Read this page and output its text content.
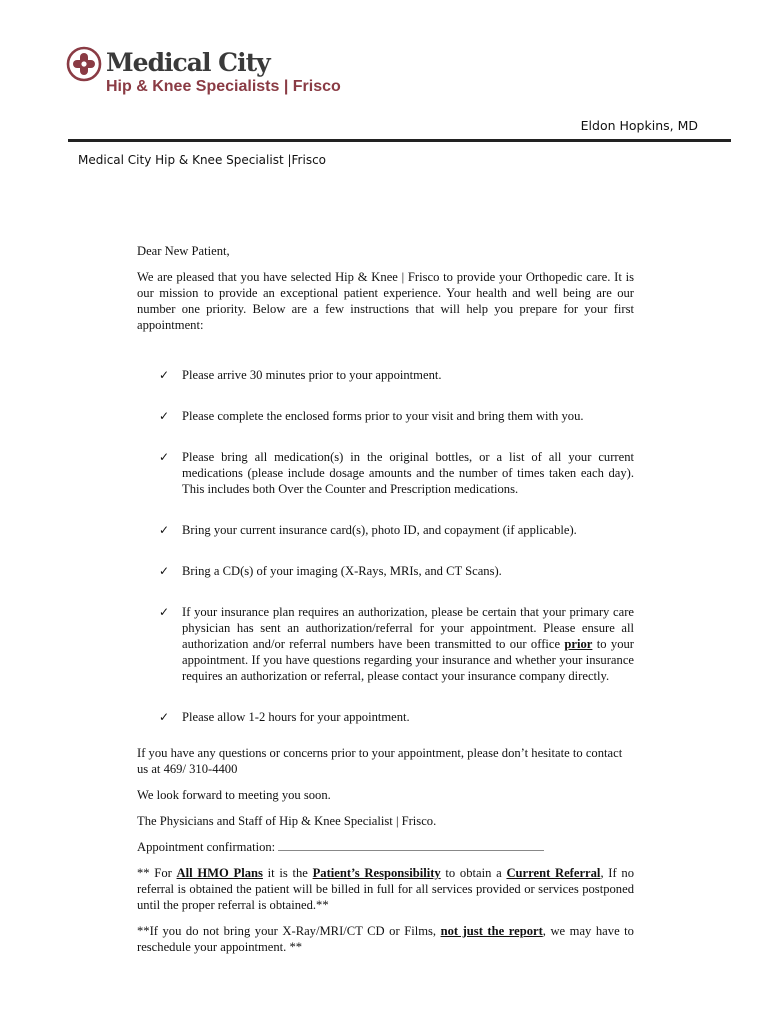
Medical City
Hip & Knee Specialists | Frisco
Eldon Hopkins, MD
Medical City Hip & Knee Specialist |Frisco

Dear New Patient,

We are pleased that you have selected Hip & Knee | Frisco to provide your Orthopedic care. It is our mission to provide an exceptional patient experience. Your health and well being are our number one priority. Below are a few instructions that will help you prepare for your first appointment:

✓ Please arrive 30 minutes prior to your appointment.
✓ Please complete the enclosed forms prior to your visit and bring them with you.
✓ Please bring all medication(s) in the original bottles, or a list of all your current medications (please include dosage amounts and the number of times taken each day). This includes both Over the Counter and Prescription medications.
✓ Bring your current insurance card(s), photo ID, and copayment (if applicable).
✓ Bring a CD(s) of your imaging (X-Rays, MRIs, and CT Scans).
✓ If your insurance plan requires an authorization, please be certain that your primary care physician has sent an authorization/referral for your appointment. Please ensure all authorization and/or referral numbers have been transmitted to our office prior to your appointment. If you have questions regarding your insurance and whether your insurance requires an authorization or referral, please contact your insurance company directly.
✓ Please allow 1-2 hours for your appointment.

If you have any questions or concerns prior to your appointment, please don’t hesitate to contact us at 469/ 310-4400

We look forward to meeting you soon.

The Physicians and Staff of Hip & Knee Specialist | Frisco.

Appointment confirmation:

** For All HMO Plans it is the Patient’s Responsibility to obtain a Current Referral, If no referral is obtained the patient will be billed in full for all services provided or services postponed until the proper referral is obtained.**

**If you do not bring your X-Ray/MRI/CT CD or Films, not just the report, we may have to reschedule your appointment. **
